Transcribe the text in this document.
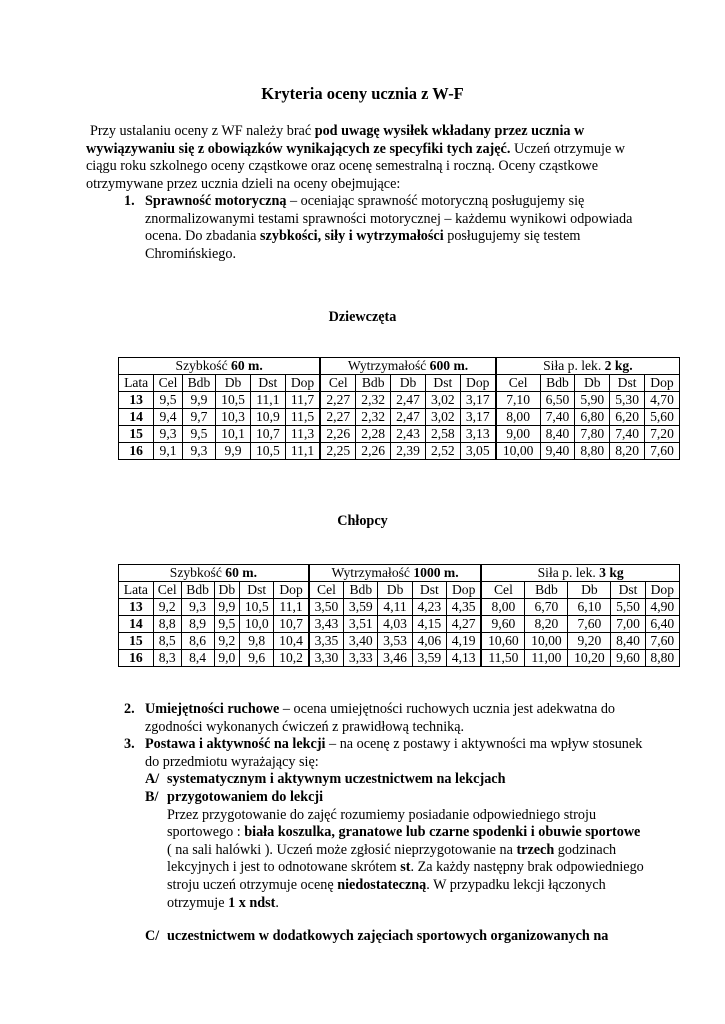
Kryteria oceny ucznia z W-F

Przy ustalaniu oceny z WF należy brać pod uwagę wysiłek wkładany przez ucznia w wywiązywaniu się z obowiązków wynikających ze specyfiki tych zajęć. Uczeń otrzymuje w ciągu roku szkolnego oceny cząstkowe oraz ocenę semestralną i roczną. Oceny cząstkowe otrzymywane przez ucznia dzieli na oceny obejmujące:

1. Sprawność motoryczną – oceniając sprawność motoryczną posługujemy się znormalizowanymi testami sprawności motorycznej – każdemu wynikowi odpowiada ocena. Do zbadania szybkości, siły i wytrzymałości posługujemy się testem Chromińskiego.
Dziewczęta
Szybkość 60 m.						Wytrzymałość 600 m.					Siła p. lek. 2 kg.				
Lata	Cel	Bdb	Db	Dst	Dop	Cel	Bdb	Db	Dst	Dop	Cel	Bdb	Db	Dst	Dop
13	9,5	9,9	10,5	11,1	11,7	2,27	2,32	2,47	3,02	3,17	7,10	6,50	5,90	5,30	4,70
14	9,4	9,7	10,3	10,9	11,5	2,27	2,32	2,47	3,02	3,17	8,00	7,40	6,80	6,20	5,60
15	9,3	9,5	10,1	10,7	11,3	2,26	2,28	2,43	2,58	3,13	9,00	8,40	7,80	7,40	7,20
16	9,1	9,3	9,9	10,5	11,1	2,25	2,26	2,39	2,52	3,05	10,00	9,40	8,80	8,20	7,60
Chłopcy
Szybkość 60 m.						Wytrzymałość 1000 m.					Siła p. lek. 3 kg				
Lata	Cel	Bdb	Db	Dst	Dop	Cel	Bdb	Db	Dst	Dop	Cel	Bdb	Db	Dst	Dop
13	9,2	9,3	9,9	10,5	11,1	3,50	3,59	4,11	4,23	4,35	8,00	6,70	6,10	5,50	4,90
14	8,8	8,9	9,5	10,0	10,7	3,43	3,51	4,03	4,15	4,27	9,60	8,20	7,60	7,00	6,40
15	8,5	8,6	9,2	9,8	10,4	3,35	3,40	3,53	4,06	4,19	10,60	10,00	9,20	8,40	7,60
16	8,3	8,4	9,0	9,6	10,2	3,30	3,33	3,46	3,59	4,13	11,50	11,00	10,20	9,60	8,80
2. Umiejętności ruchowe – ocena umiejętności ruchowych ucznia jest adekwatna do zgodności wykonanych ćwiczeń z prawidłową techniką.
3. Postawa i aktywność na lekcji – na ocenę z postawy i aktywności ma wpływ stosunek do przedmiotu wyrażający się:
A/ systematycznym i aktywnym uczestnictwem na lekcjach
B/ przygotowaniem do lekcji
Przez przygotowanie do zajęć rozumiemy posiadanie odpowiedniego stroju sportowego : biała koszulka, granatowe lub czarne spodenki i obuwie sportowe ( na sali halówki ). Uczeń może zgłosić nieprzygotowanie na trzech godzinach lekcyjnych i jest to odnotowane skrótem st. Za każdy następny brak odpowiedniego stroju uczeń otrzymuje ocenę niedostateczną. W przypadku lekcji łączonych otrzymuje 1 x ndst.
C/ uczestnictwem w dodatkowych zajęciach sportowych organizowanych na
